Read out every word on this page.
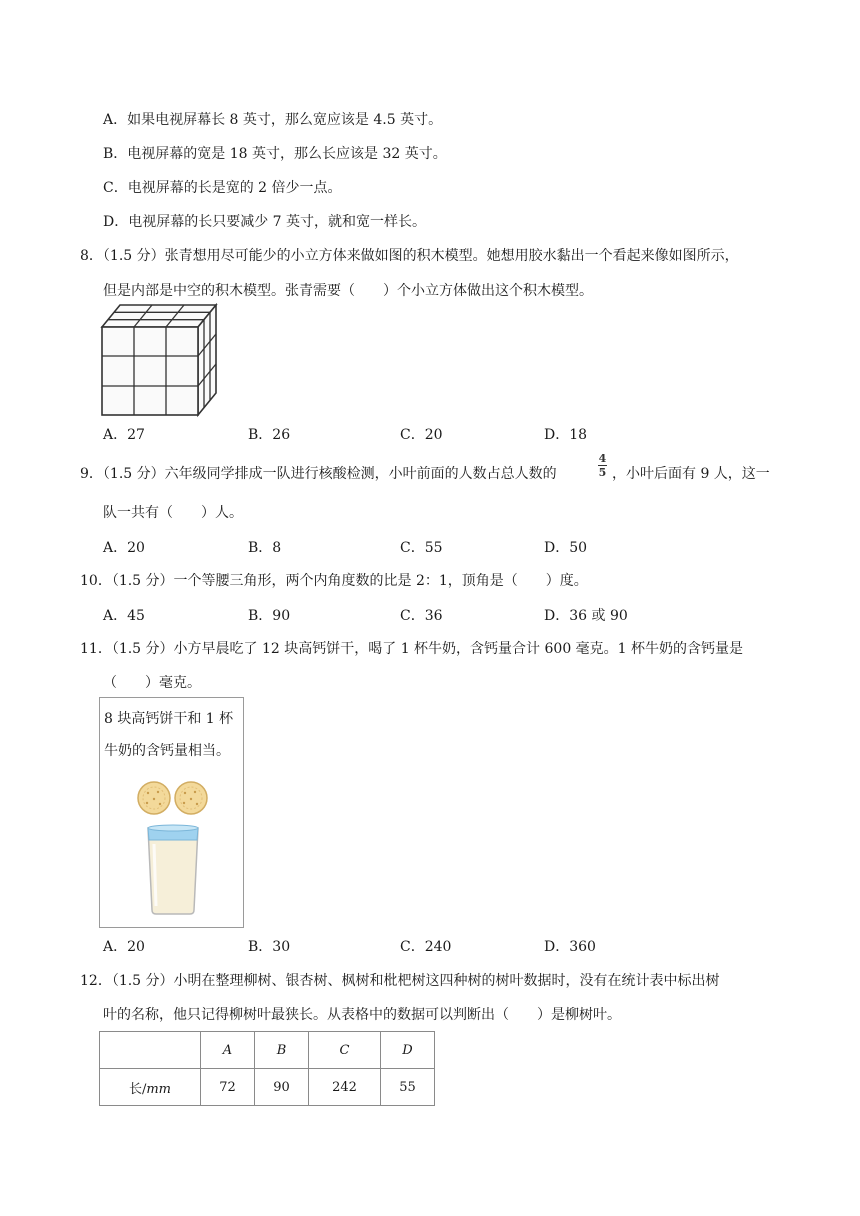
A．如果电视屏幕长 8 英寸，那么宽应该是 4.5 英寸。
B．电视屏幕的宽是 18 英寸，那么长应该是 32 英寸。
C．电视屏幕的长是宽的 2 倍少一点。
D．电视屏幕的长只要减少 7 英寸，就和宽一样长。
8．（1.5 分）张青想用尽可能少的小立方体来做如图的积木模型。她想用胶水黏出一个看起来像如图所示，
但是内部是中空的积木模型。张青需要（　　）个小立方体做出这个积木模型。
A．27	B．26	C．20	D．18
9．（1.5 分）六年级同学排成一队进行核酸检测，小叶前面的人数占总人数的
4
5 ，小叶后面有 9 人，这一
队一共有（　　）人。
A．20	B．8	C．55	D．50
10．（1.5 分）一个等腰三角形，两个内角度数的比是 2：1，顶角是（　　）度。
A．45	B．90	C．36	D．36 或 90
11．（1.5 分）小方早晨吃了 12 块高钙饼干，喝了 1 杯牛奶，含钙量合计 600 毫克。1 杯牛奶的含钙量是
（　　）毫克。
8 块高钙饼干和 1 杯
牛奶的含钙量相当。
A．20	B．30	C．240	D．360
12．（1.5 分）小明在整理柳树、银杏树、枫树和枇杷树这四种树的树叶数据时，没有在统计表中标出树
叶的名称，他只记得柳树叶最狭长。从表格中的数据可以判断出（　　）是柳树叶。
	A	B	C	D
长/mm	72	90	242	55
